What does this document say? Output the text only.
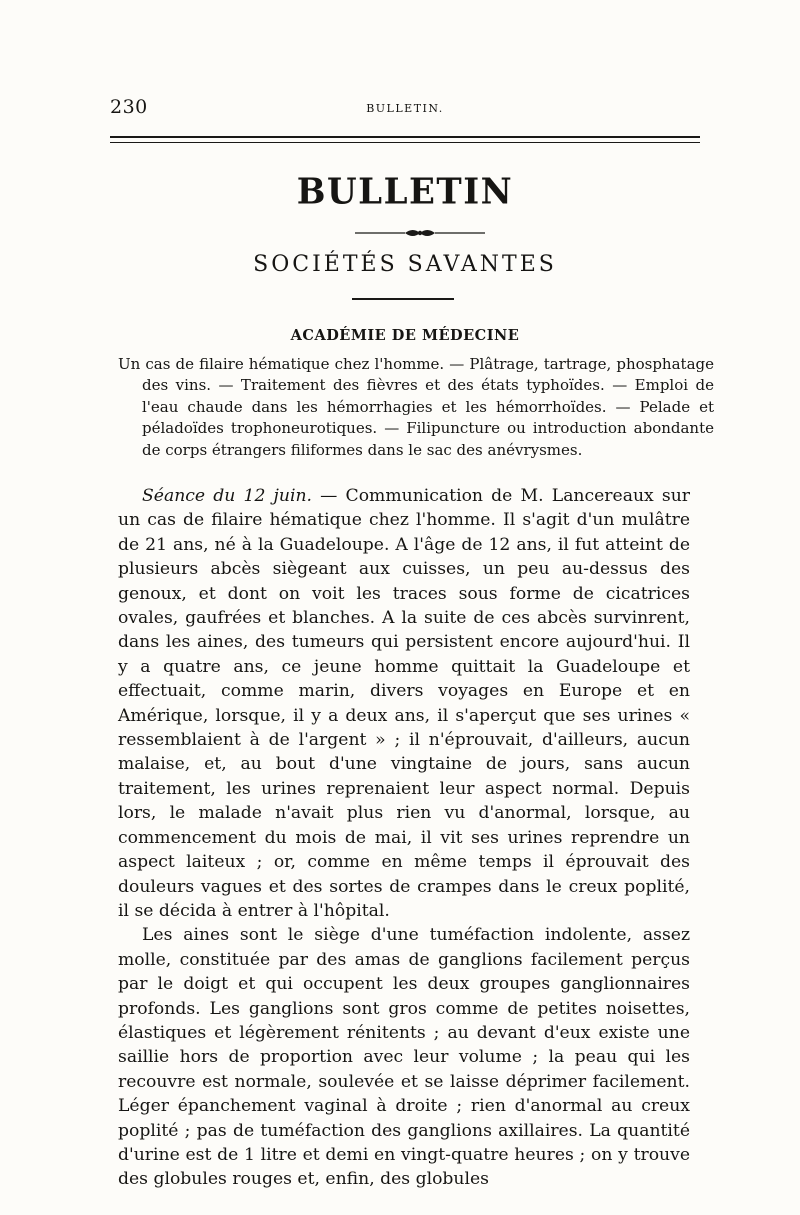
230	BULLETIN.
BULLETIN
SOCIÉTÉS SAVANTES
ACADÉMIE DE MÉDECINE

Un cas de filaire hématique chez l'homme. — Plâtrage, tartrage, phosphatage des vins. — Traitement des fièvres et des états typhoïdes. — Emploi de l'eau chaude dans les hémorrhagies et les hémorrhoïdes. — Pelade et péladoïdes trophoneurotiques. — Filipuncture ou introduction abondante de corps étrangers filiformes dans le sac des anévrysmes.

Séance du 12 juin. — Communication de M. Lancereaux sur un cas de filaire hématique chez l'homme. Il s'agit d'un mulâtre de 21 ans, né à la Guadeloupe. A l'âge de 12 ans, il fut atteint de plusieurs abcès siègeant aux cuisses, un peu au-dessus des genoux, et dont on voit les traces sous forme de cicatrices ovales, gaufrées et blanches. A la suite de ces abcès survinrent, dans les aines, des tumeurs qui persistent encore aujourd'hui. Il y a quatre ans, ce jeune homme quittait la Guadeloupe et effectuait, comme marin, divers voyages en Europe et en Amérique, lorsque, il y a deux ans, il s'aperçut que ses urines « ressemblaient à de l'argent » ; il n'éprouvait, d'ailleurs, aucun malaise, et, au bout d'une vingtaine de jours, sans aucun traitement, les urines reprenaient leur aspect normal. Depuis lors, le malade n'avait plus rien vu d'anormal, lorsque, au commencement du mois de mai, il vit ses urines reprendre un aspect laiteux ; or, comme en même temps il éprouvait des douleurs vagues et des sortes de crampes dans le creux poplité, il se décida à entrer à l'hôpital.

Les aines sont le siège d'une tuméfaction indolente, assez molle, constituée par des amas de ganglions facilement perçus par le doigt et qui occupent les deux groupes ganglionnaires profonds. Les ganglions sont gros comme de petites noisettes, élastiques et légèrement rénitents ; au devant d'eux existe une saillie hors de proportion avec leur volume ; la peau qui les recouvre est normale, soulevée et se laisse déprimer facilement. Léger épanchement vaginal à droite ; rien d'anormal au creux poplité ; pas de tuméfaction des ganglions axillaires. La quantité d'urine est de 1 litre et demi en vingt-quatre heures ; on y trouve des globules rouges et, enfin, des globules
